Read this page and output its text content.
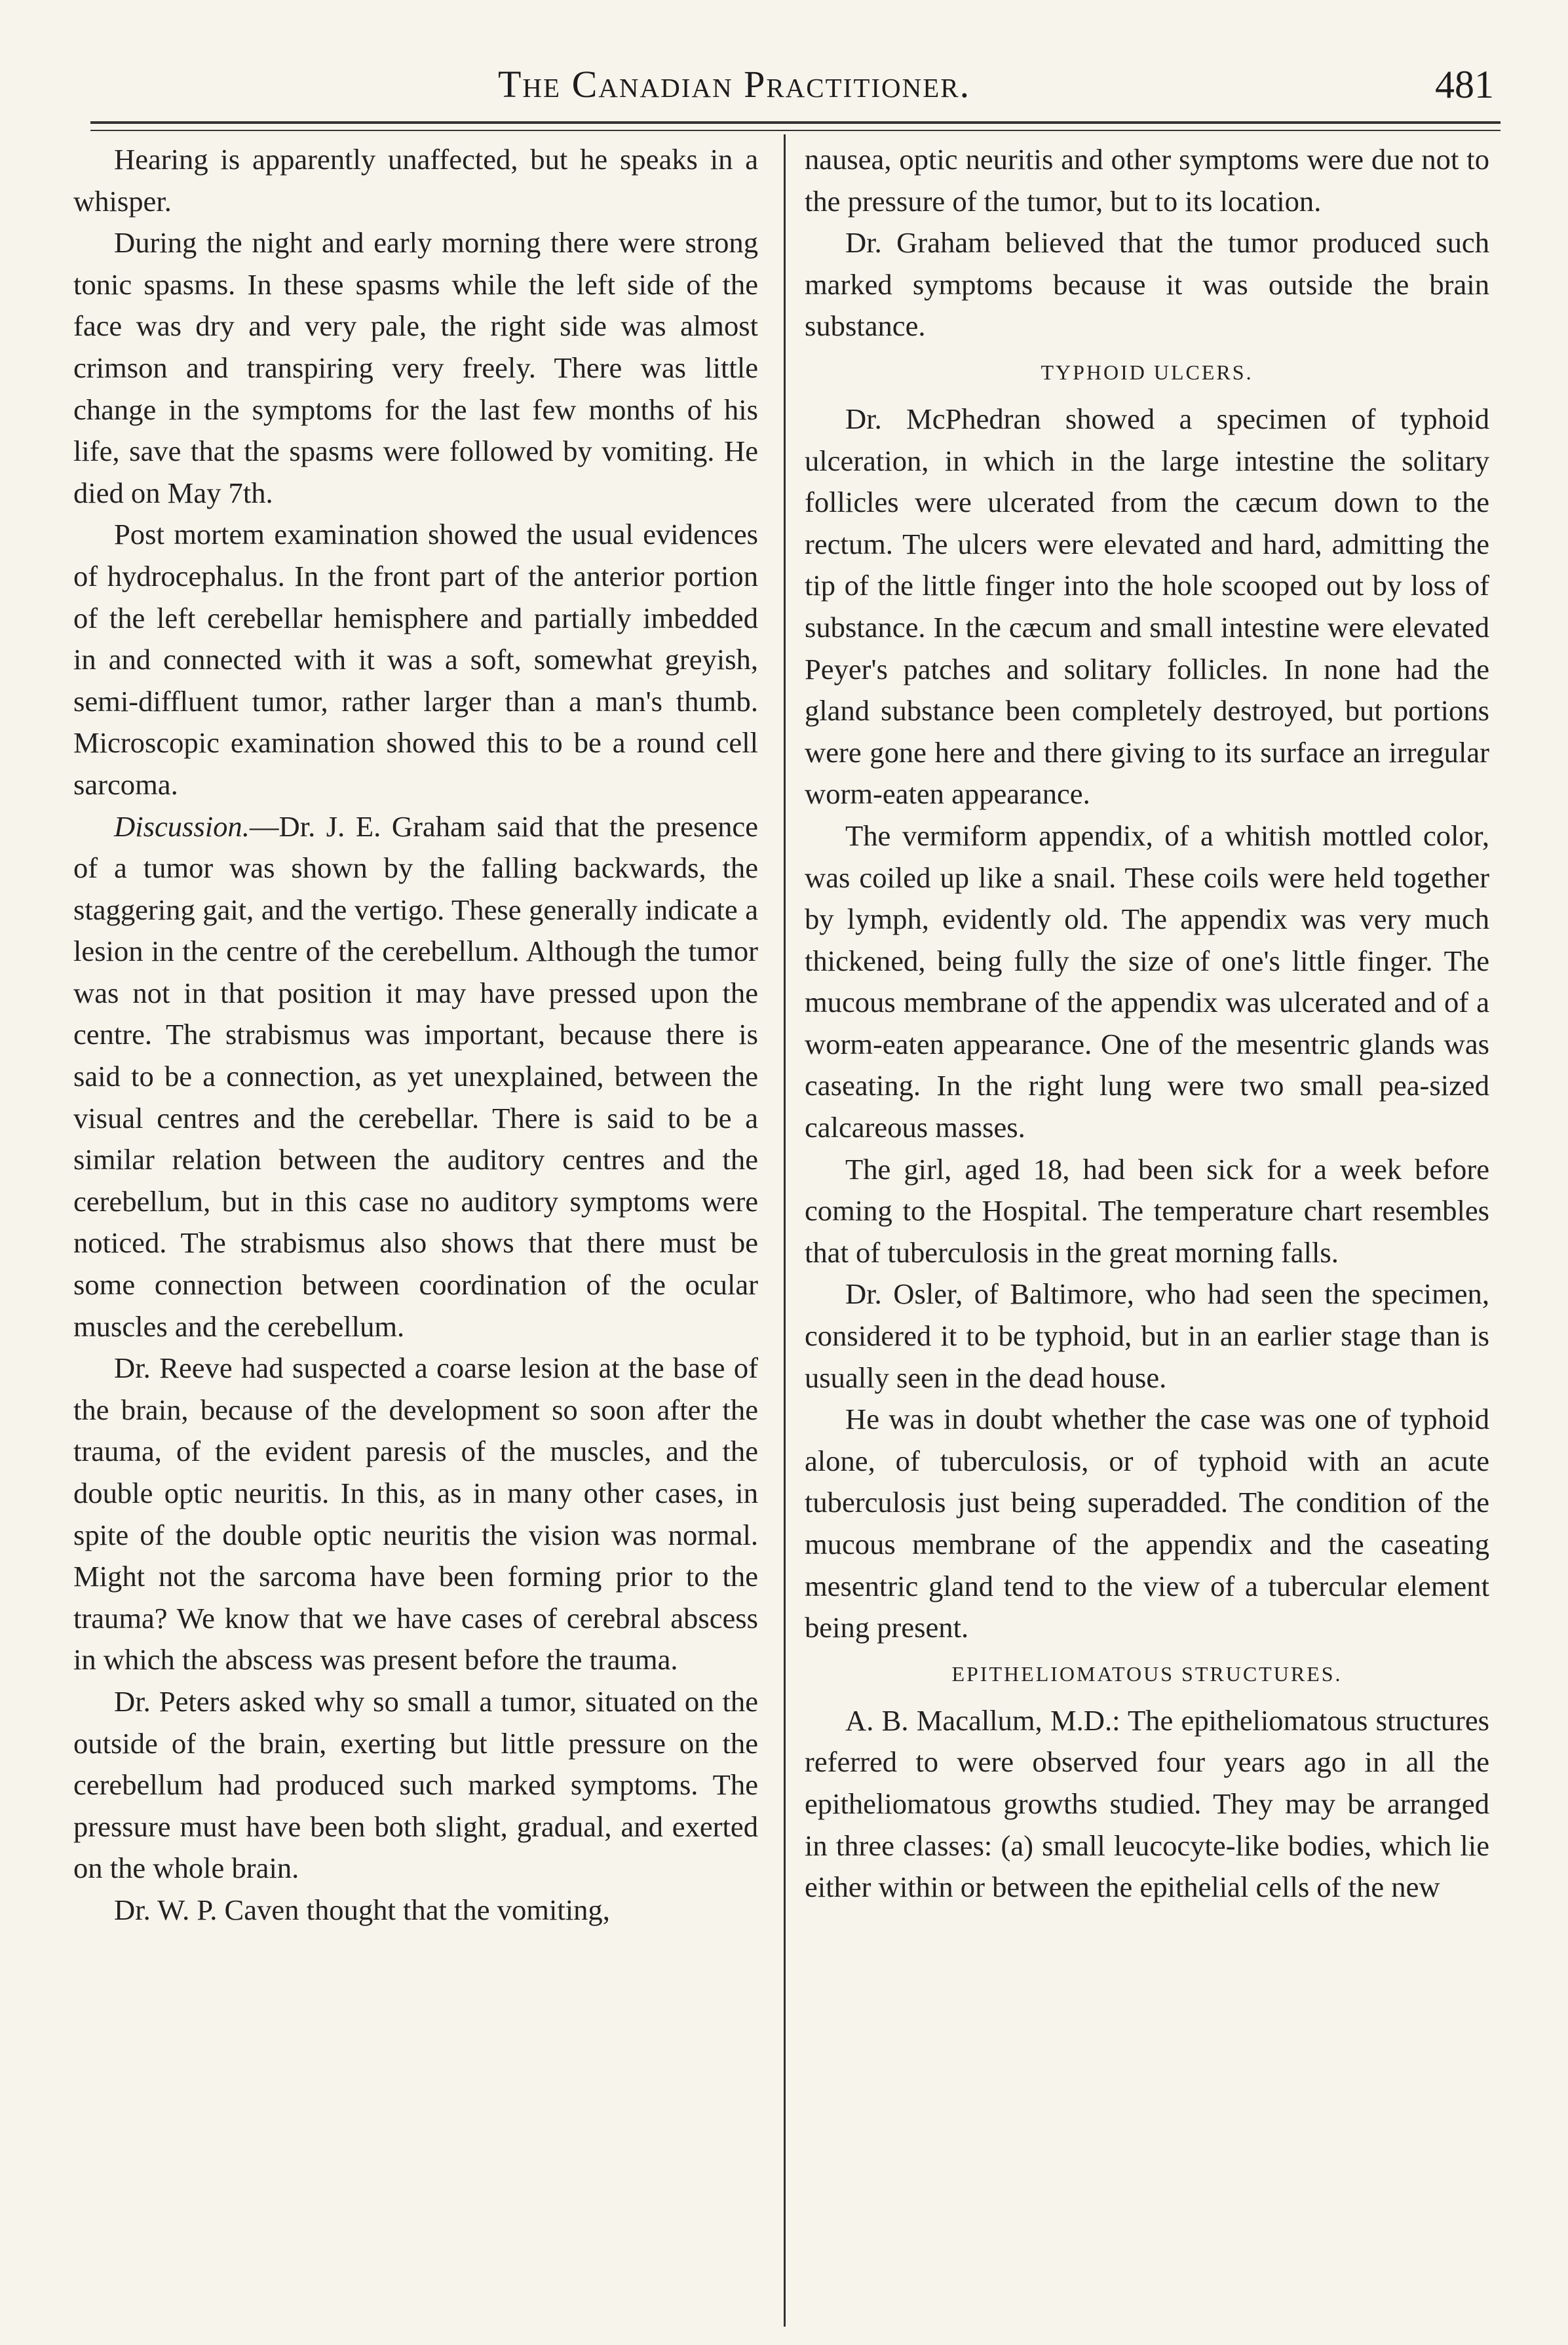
The Canadian Practitioner.	481

Hearing is apparently unaffected, but he speaks in a whisper.

During the night and early morning there were strong tonic spasms. In these spasms while the left side of the face was dry and very pale, the right side was almost crimson and transpiring very freely. There was little change in the symptoms for the last few months of his life, save that the spasms were followed by vomiting. He died on May 7th.

Post mortem examination showed the usual evidences of hydrocephalus. In the front part of the anterior portion of the left cerebellar hemisphere and partially imbedded in and connected with it was a soft, somewhat greyish, semi-diffluent tumor, rather larger than a man's thumb. Microscopic examination showed this to be a round cell sarcoma.

Discussion.—Dr. J. E. Graham said that the presence of a tumor was shown by the falling backwards, the staggering gait, and the vertigo. These generally indicate a lesion in the centre of the cerebellum. Although the tumor was not in that position it may have pressed upon the centre. The strabismus was important, because there is said to be a connection, as yet unexplained, between the visual centres and the cerebellar. There is said to be a similar relation between the auditory centres and the cerebellum, but in this case no auditory symptoms were noticed. The strabismus also shows that there must be some connection between coordination of the ocular muscles and the cerebellum.

Dr. Reeve had suspected a coarse lesion at the base of the brain, because of the development so soon after the trauma, of the evident paresis of the muscles, and the double optic neuritis. In this, as in many other cases, in spite of the double optic neuritis the vision was normal. Might not the sarcoma have been forming prior to the trauma? We know that we have cases of cerebral abscess in which the abscess was present before the trauma.

Dr. Peters asked why so small a tumor, situated on the outside of the brain, exerting but little pressure on the cerebellum had produced such marked symptoms. The pressure must have been both slight, gradual, and exerted on the whole brain.

Dr. W. P. Caven thought that the vomiting,

nausea, optic neuritis and other symptoms were due not to the pressure of the tumor, but to its location.

Dr. Graham believed that the tumor produced such marked symptoms because it was outside the brain substance.

TYPHOID ULCERS.

Dr. McPhedran showed a specimen of typhoid ulceration, in which in the large intestine the solitary follicles were ulcerated from the cæcum down to the rectum. The ulcers were elevated and hard, admitting the tip of the little finger into the hole scooped out by loss of substance. In the cæcum and small intestine were elevated Peyer's patches and solitary follicles. In none had the gland substance been completely destroyed, but portions were gone here and there giving to its surface an irregular worm-eaten appearance.

The vermiform appendix, of a whitish mottled color, was coiled up like a snail. These coils were held together by lymph, evidently old. The appendix was very much thickened, being fully the size of one's little finger. The mucous membrane of the appendix was ulcerated and of a worm-eaten appearance. One of the mesentric glands was caseating. In the right lung were two small pea-sized calcareous masses.

The girl, aged 18, had been sick for a week before coming to the Hospital. The temperature chart resembles that of tuberculosis in the great morning falls.

Dr. Osler, of Baltimore, who had seen the specimen, considered it to be typhoid, but in an earlier stage than is usually seen in the dead house.

He was in doubt whether the case was one of typhoid alone, of tuberculosis, or of typhoid with an acute tuberculosis just being superadded. The condition of the mucous membrane of the appendix and the caseating mesentric gland tend to the view of a tubercular element being present.

EPITHELIOMATOUS STRUCTURES.

A. B. Macallum, M.D.: The epitheliomatous structures referred to were observed four years ago in all the epitheliomatous growths studied. They may be arranged in three classes: (a) small leucocyte-like bodies, which lie either within or between the epithelial cells of the new
